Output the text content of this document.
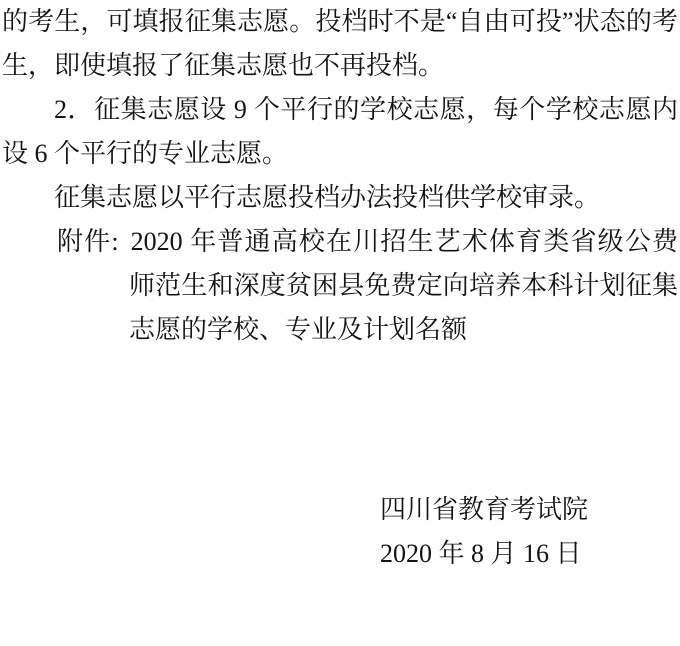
的考生，可填报征集志愿。投档时不是“自由可投”状态的考生，即使填报了征集志愿也不再投档。

2．征集志愿设 9 个平行的学校志愿，每个学校志愿内设 6 个平行的专业志愿。

征集志愿以平行志愿投档办法投档供学校审录。

附件: 2020 年普通高校在川招生艺术体育类省级公费师范生和深度贫困县免费定向培养本科计划征集志愿的学校、专业及计划名额

四川省教育考试院

2020 年 8 月 16 日
